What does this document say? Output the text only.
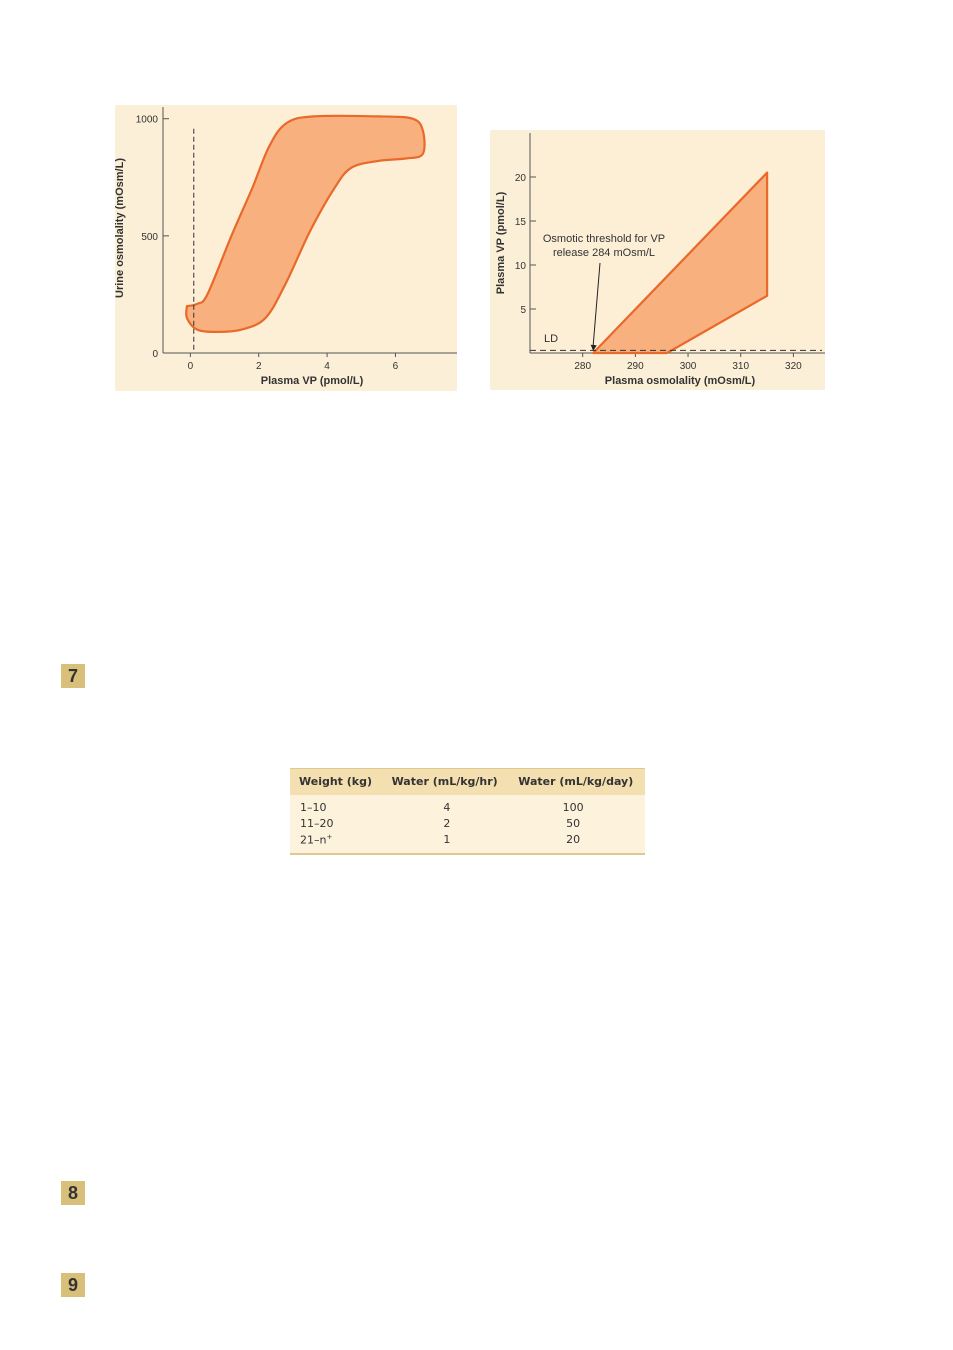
0
500
1000
0	2	4	6
Plasma VP (pmol/L)
Urine osmolality (mOsm/L)
5
10
15
20
280	290	300	310	320
Plasma osmolality (mOsm/L)
Plasma VP (pmol/L)
LD
Osmotic threshold for VP
release 284 mOsm/L
7
Weight (kg)	Water (mL/kg/hr)	Water (mL/kg/day)
1–10	4	100
11–20	2	50
21–n+	1	20
8
9
